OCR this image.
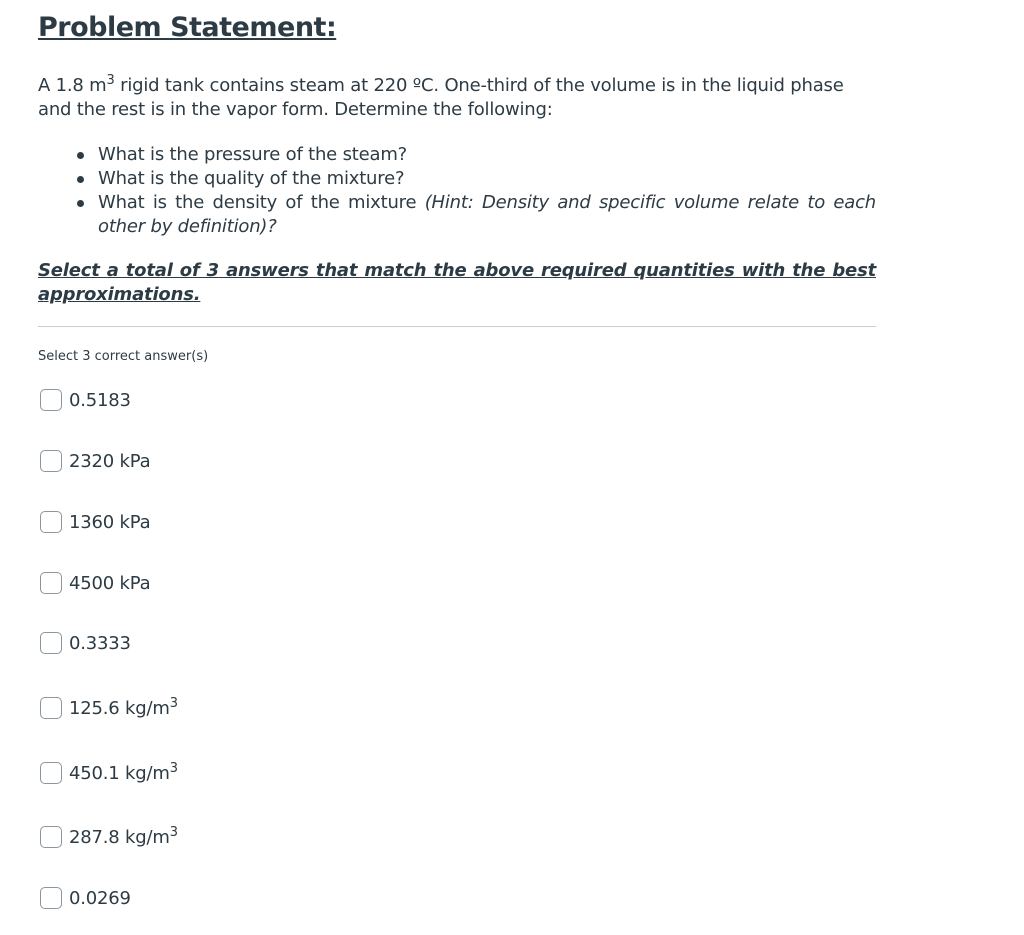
Problem Statement:

A 1.8 $m^3$ rigid tank contains steam at 220 ºC. One-third of the volume is in the liquid phase and the rest is in the vapor form. Determine the following:

What is the pressure of the steam?
What is the quality of the mixture?
What is the density of the mixture (Hint: Density and specific volume relate to each other by definition)?

Select a total of 3 answers that match the above required quantities with the best approximations.

Select 3 correct answer(s)

0.5183
2320 kPa
1360 kPa
4500 kPa
0.3333
125.6 $kg/m^3$
450.1 $kg/m^3$
287.8 $kg/m^3$
0.0269
